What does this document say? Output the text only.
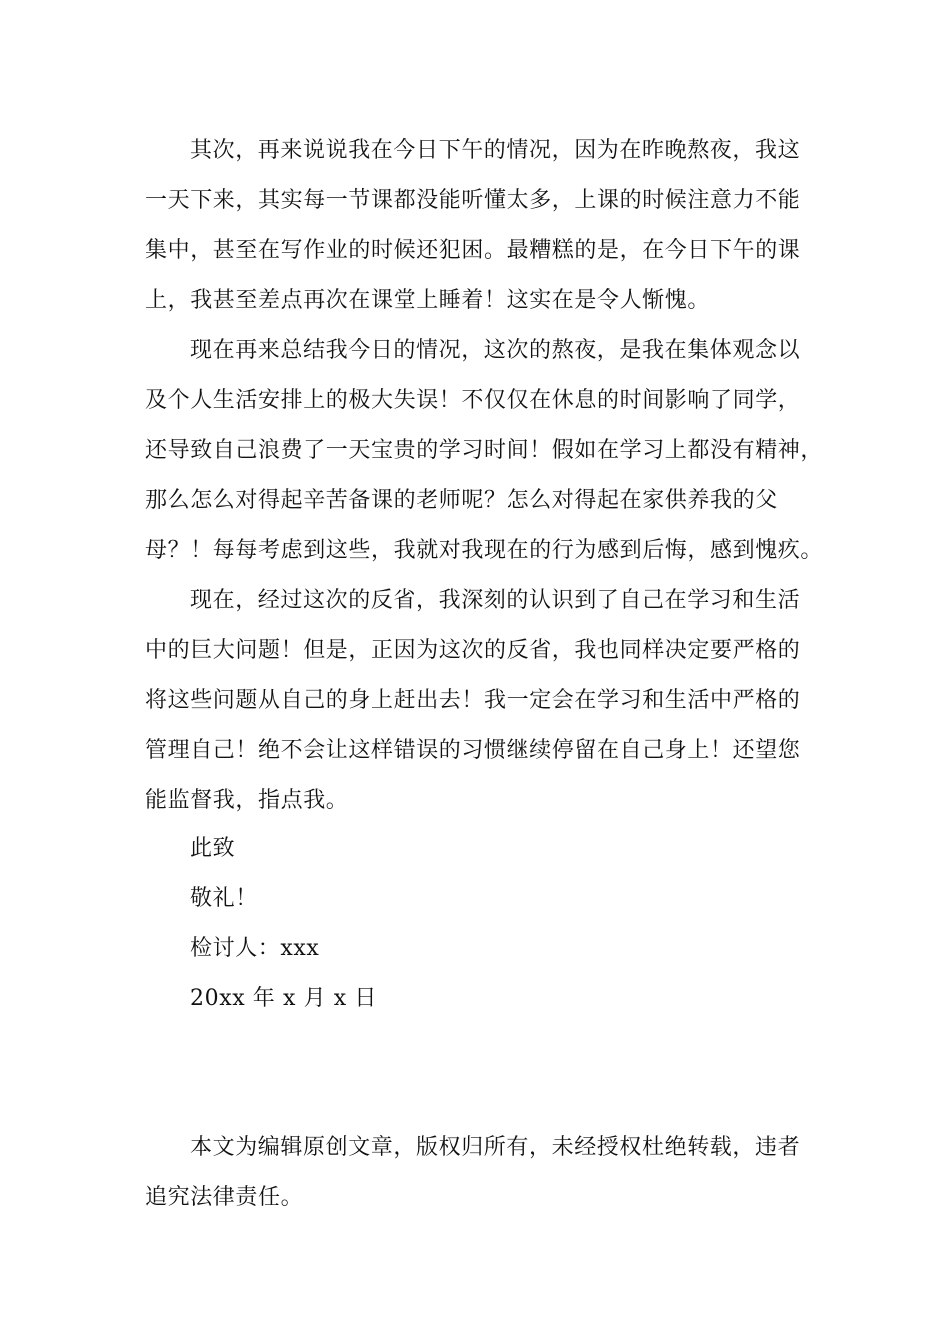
其次，再来说说我在今日下午的情况，因为在昨晚熬夜，我这
一天下来，其实每一节课都没能听懂太多，上课的时候注意力不能
集中，甚至在写作业的时候还犯困。最糟糕的是，在今日下午的课
上，我甚至差点再次在课堂上睡着！这实在是令人惭愧。
现在再来总结我今日的情况，这次的熬夜，是我在集体观念以
及个人生活安排上的极大失误！不仅仅在休息的时间影响了同学，
还导致自己浪费了一天宝贵的学习时间！假如在学习上都没有精神，
那么怎么对得起辛苦备课的老师呢？怎么对得起在家供养我的父
母？！每每考虑到这些，我就对我现在的行为感到后悔，感到愧疚。
现在，经过这次的反省，我深刻的认识到了自己在学习和生活
中的巨大问题！但是，正因为这次的反省，我也同样决定要严格的
将这些问题从自己的身上赶出去！我一定会在学习和生活中严格的
管理自己！绝不会让这样错误的习惯继续停留在自己身上！还望您
能监督我，指点我。
此致
敬礼！
检讨人：xxx
20xx 年 x 月 x 日
本文为编辑原创文章，版权归所有，未经授权杜绝转载，违者
追究法律责任。
